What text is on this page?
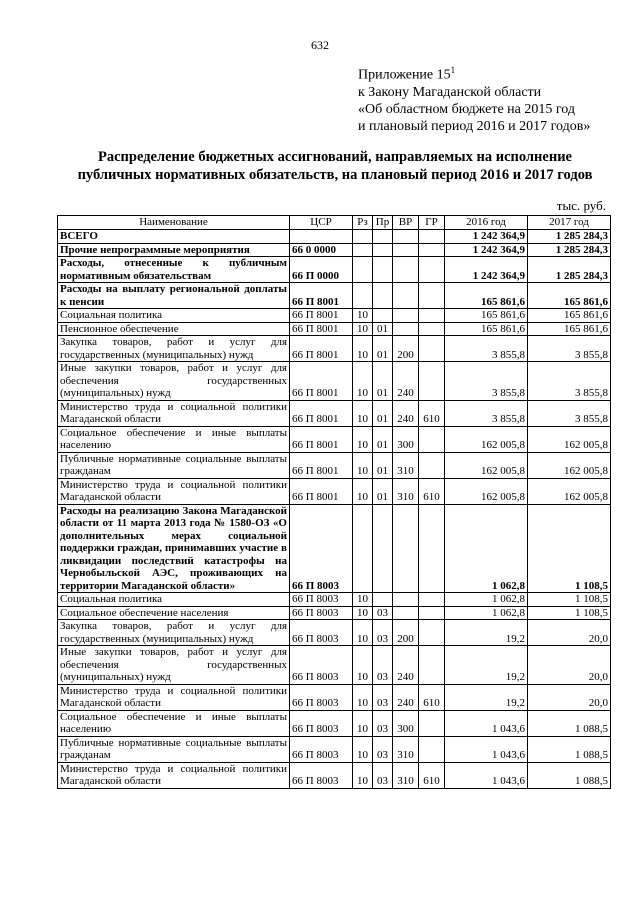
632
Приложение $15^1$
к Закону Магаданской области
«Об областном бюджете на 2015 год
и плановый период 2016 и 2017 годов»
Распределение бюджетных ассигнований, направляемых на исполнение
публичных нормативных обязательств, на плановый период 2016 и 2017 годов
тыс. руб.
Наименование	ЦСР	Рз	Пр	ВР	ГР	2016 год	2017 год
ВСЕГО						1 242 364,9	1 285 284,3
Прочие непрограммные мероприятия	66 0 0000					1 242 364,9	1 285 284,3
Расходы, отнесенные к публичным нормативным обязательствам	66 П 0000					1 242 364,9	1 285 284,3
Расходы на выплату региональной доплаты к пенсии	66 П 8001					165 861,6	165 861,6
Социальная политика	66 П 8001	10				165 861,6	165 861,6
Пенсионное обеспечение	66 П 8001	10	01			165 861,6	165 861,6
Закупка товаров, работ и услуг для государственных (муниципальных) нужд	66 П 8001	10	01	200		3 855,8	3 855,8
Иные закупки товаров, работ и услуг для обеспечения государственных (муниципальных) нужд	66 П 8001	10	01	240		3 855,8	3 855,8
Министерство труда и социальной политики Магаданской области	66 П 8001	10	01	240	610	3 855,8	3 855,8
Социальное обеспечение и иные выплаты населению	66 П 8001	10	01	300		162 005,8	162 005,8
Публичные нормативные социальные выплаты гражданам	66 П 8001	10	01	310		162 005,8	162 005,8
Министерство труда и социальной политики Магаданской области	66 П 8001	10	01	310	610	162 005,8	162 005,8
Расходы на реализацию Закона Магаданской области от 11 марта 2013 года № 1580-ОЗ «О дополнительных мерах социальной поддержки граждан, принимавших участие в ликвидации последствий катастрофы на Чернобыльской АЭС, проживающих на территории Магаданской области»	66 П 8003					1 062,8	1 108,5
Социальная политика	66 П 8003	10				1 062,8	1 108,5
Социальное обеспечение населения	66 П 8003	10	03			1 062,8	1 108,5
Закупка товаров, работ и услуг для государственных (муниципальных) нужд	66 П 8003	10	03	200		19,2	20,0
Иные закупки товаров, работ и услуг для обеспечения государственных (муниципальных) нужд	66 П 8003	10	03	240		19,2	20,0
Министерство труда и социальной политики Магаданской области	66 П 8003	10	03	240	610	19,2	20,0
Социальное обеспечение и иные выплаты населению	66 П 8003	10	03	300		1 043,6	1 088,5
Публичные нормативные социальные выплаты гражданам	66 П 8003	10	03	310		1 043,6	1 088,5
Министерство труда и социальной политики Магаданской области	66 П 8003	10	03	310	610	1 043,6	1 088,5
